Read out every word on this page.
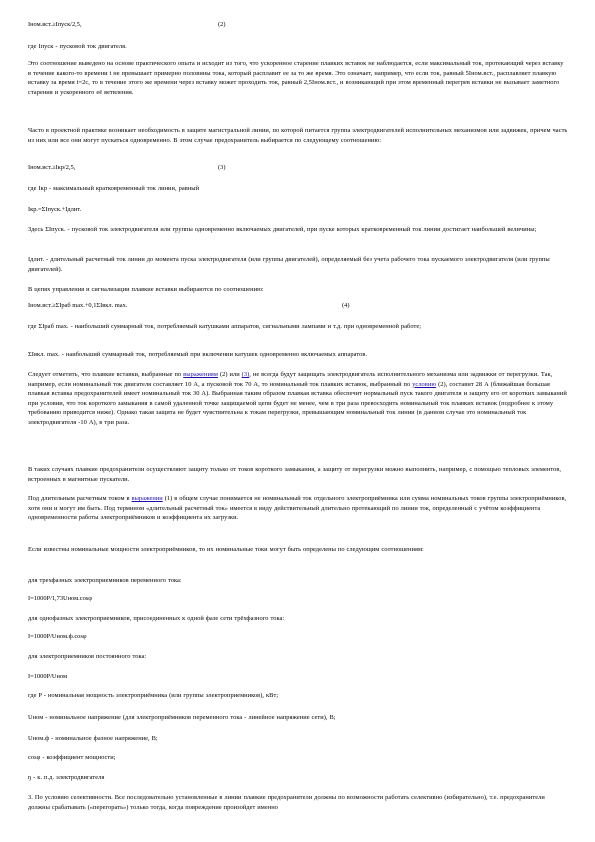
Iном.вст.≥Iпуск/2,5,	(2)

где Iпуск - пусковой ток двигателя.

Это соотношение выведено на основе практического опыта и исходит из того, что ускоренное старение плавких вставок не наблюдается, если максимальный ток, протекающий через вставку в течение какого-то времени t не превышает примерно половины тока, который расплавит ее за то же время. Это означает, например, что если ток, равный 5Iном.вст., расплавляет плавкую вставку за время t=2с, то в течение этого же времени через вставку может проходить ток, равный 2,5Iном.вст., и возникающий при этом временный перегрев вставки не вызывает заметного старения и ускоренного её ветвления.

Часто в проектной практике возникает необходимость в защите магистральной линии, по которой питается группа электродвигателей исполнительных механизмов или задвижек, причем часть из них или все они могут пускаться одновременно. В этом случае предохранитель выбирается по следующему соотношению:

Iном.вст.≥Iкр/2,5,	(3)

где Iкр - максимальный кратковременный ток линии, равный

Iкр.=ΣIпуск.+Iдлит.

Здесь ΣIпуск. - пусковой ток электродвигателя или группы одновременно включаемых двигателей, при пуске которых кратковременный ток линии достигает наибольшей величины;

Iдлит. - длительный расчетный ток линии до момента пуска электродвигателя (или группы двигателей), определяемый без учета рабочего тока пускаемого электродвигателя (или группы двигателей).

В цепях управления и сигнализации плавкие вставки выбираются по соотношению:

Iном.вст.≥ΣIраб max.+0,1ΣIвкл. max.	(4)

где ΣIраб max. - наибольший суммарный ток, потребляемый катушками аппаратов, сигнальными лампами и т.д. при одновременной работе;

ΣIвкл. max. - наибольший суммарный ток, потребляемый при включении катушек одновременно включаемых аппаратов.

Следует отметить, что плавкие вставки, выбранные по выражениям (2) или (3), не всегда будут защищать электродвигатель исполнительного механизма или задвижки от перегрузки. Так, например, если номинальный ток двигателя составляет 10 А, а пусковой ток 70 А, то номинальный ток плавких вставок, выбранный по условию (2), составит 28 А (ближайшая большая плавкая вставка предохранителей имеет номинальный ток 30 А). Выбранная таким образом плавкая вставка обеспечит нормальный пуск такого двигателя и защиту его от коротких замыканий при условии, что ток короткого замыкания в самой удаленной точке защищаемой цепи будет не менее, чем в три раза превосходить номинальный ток плавких вставок (подробнее к этому требованию приводится ниже). Однако такая защита не будет чувствительна к токам перегрузки, превышающим номинальный ток линии (в данном случае это номинальный ток электродвигателя -10 А), в три раза.

В таких случаях плавкие предохранители осуществляют защиту только от токов короткого замыкания, а защиту от перегрузки можно выполнить, например, с помощью тепловых элементов, встроенных в магнитные пускатели.

Под длительным расчетным током в выражении (1) в общем случае понимается не номинальный ток отдельного электроприёмника или сумма номинальных токов группы электроприёмников, хотя они и могут им быть. Под термином «длительный расчетный ток» имеется в виду действительный длительно протекающий по линии ток, определенный с учётом коэффициента одновременности работы электроприёмников и коэффициента их загрузки.

Если известны номинальные мощности электроприёмников, то их номинальные токи могут быть определены по следующим соотношениям:

для трехфазных электроприемников переменного тока:

I=1000P/1,73Uном.cosφ

для однофазных электроприемников, присоединенных к одной фазе сети трёхфазного тока:

I=1000P/Uном.ф.cosφ

для электроприемников постоянного тока:

I=1000P/Uном

где P - номинальная мощность электроприёмника (или группы электроприемников), кВт;

Uном - номинальное напряжение (для электроприёмников переменного тока - линейное напряжение сети), В;

Uном.ф - номинальное фазное напряжение, В;

cosφ - коэффициент мощности;

ŋ - к. п.д. электродвигателя

3. По условию селективности. Все последовательно установленные в линии плавкие предохранители должны по возможности работать селективно (избирательно), т.е. предохранители должны срабатывать («перегорать») только тогда, когда повреждение произойдет именно
